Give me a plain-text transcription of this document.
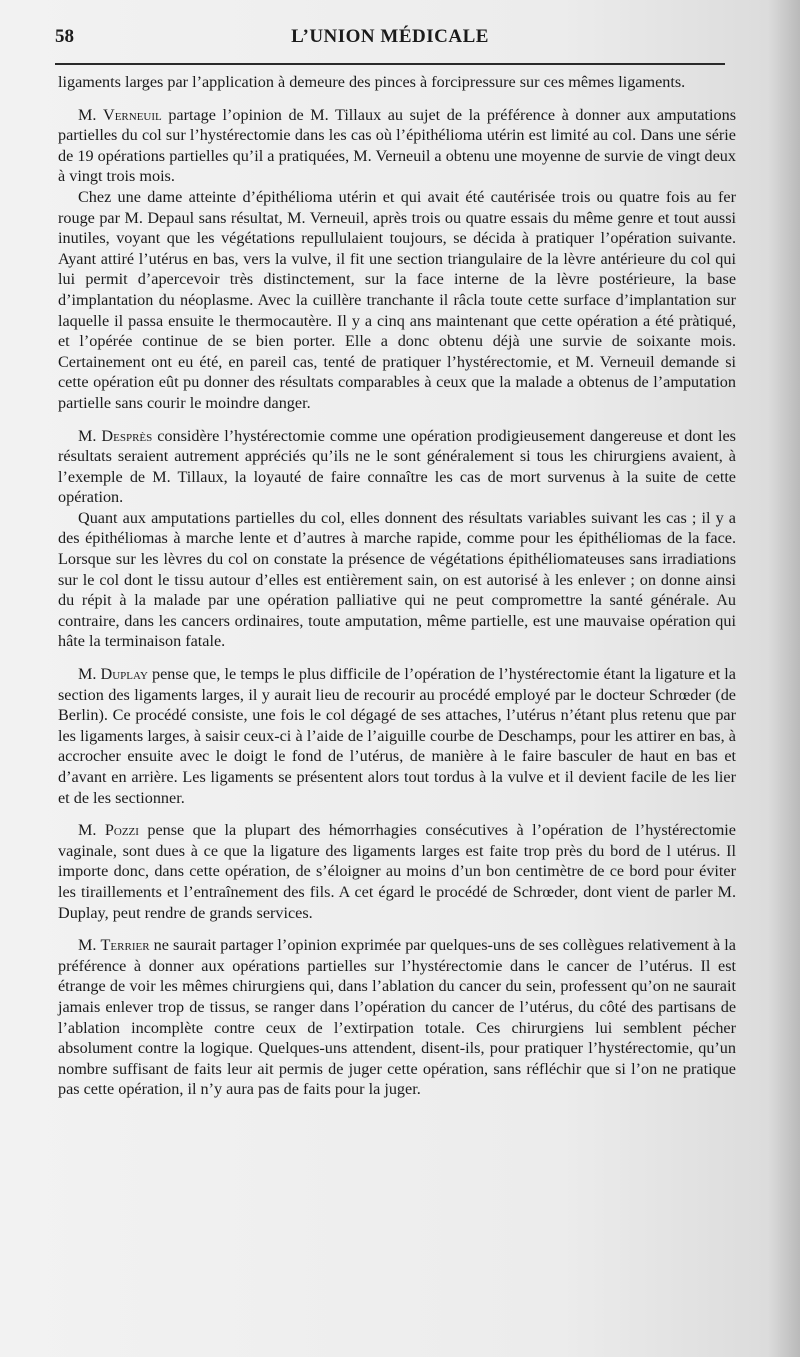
58	L’UNION MÉDICALE

ligaments larges par l’application à demeure des pinces à forcipressure sur ces mêmes ligaments.

M. Verneuil partage l’opinion de M. Tillaux au sujet de la préférence à donner aux amputations partielles du col sur l’hystérectomie dans les cas où l’épithélioma utérin est limité au col. Dans une série de 19 opérations partielles qu’il a pratiquées, M. Verneuil a obtenu une moyenne de survie de vingt deux à vingt trois mois.

Chez une dame atteinte d’épithélioma utérin et qui avait été cautérisée trois ou quatre fois au fer rouge par M. Depaul sans résultat, M. Verneuil, après trois ou quatre essais du même genre et tout aussi inutiles, voyant que les végétations repullulaient toujours, se décida à pratiquer l’opération suivante. Ayant attiré l’utérus en bas, vers la vulve, il fit une section triangulaire de la lèvre antérieure du col qui lui permit d’apercevoir très distinctement, sur la face interne de la lèvre postérieure, la base d’implantation du néoplasme. Avec la cuillère tranchante il râcla toute cette surface d’implantation sur laquelle il passa ensuite le thermocautère. Il y a cinq ans maintenant que cette opération a été pràtiqué, et l’opérée continue de se bien porter. Elle a donc obtenu déjà une survie de soixante mois. Certainement ont eu été, en pareil cas, tenté de pratiquer l’hystérectomie, et M. Verneuil demande si cette opération eût pu donner des résultats comparables à ceux que la malade a obtenus de l’amputation partielle sans courir le moindre danger.

M. Desprès considère l’hystérectomie comme une opération prodigieusement dangereuse et dont les résultats seraient autrement appréciés qu’ils ne le sont généralement si tous les chirurgiens avaient, à l’exemple de M. Tillaux, la loyauté de faire connaître les cas de mort survenus à la suite de cette opération.

Quant aux amputations partielles du col, elles donnent des résultats variables suivant les cas ; il y a des épithéliomas à marche lente et d’autres à marche rapide, comme pour les épithéliomas de la face. Lorsque sur les lèvres du col on constate la présence de végétations épithéliomateuses sans irradiations sur le col dont le tissu autour d’elles est entièrement sain, on est autorisé à les enlever ; on donne ainsi du répit à la malade par une opération palliative qui ne peut compromettre la santé générale. Au contraire, dans les cancers ordinaires, toute amputation, même partielle, est une mauvaise opération qui hâte la terminaison fatale.

M. Duplay pense que, le temps le plus difficile de l’opération de l’hystérectomie étant la ligature et la section des ligaments larges, il y aurait lieu de recourir au procédé employé par le docteur Schrœder (de Berlin). Ce procédé consiste, une fois le col dégagé de ses attaches, l’utérus n’étant plus retenu que par les ligaments larges, à saisir ceux-ci à l’aide de l’aiguille courbe de Deschamps, pour les attirer en bas, à accrocher ensuite avec le doigt le fond de l’utérus, de manière à le faire basculer de haut en bas et d’avant en arrière. Les ligaments se présentent alors tout tordus à la vulve et il devient facile de les lier et de les sectionner.

M. Pozzi pense que la plupart des hémorrhagies consécutives à l’opération de l’hystérectomie vaginale, sont dues à ce que la ligature des ligaments larges est faite trop près du bord de l utérus. Il importe donc, dans cette opération, de s’éloigner au moins d’un bon centimètre de ce bord pour éviter les tiraillements et l’entraînement des fils. A cet égard le procédé de Schrœder, dont vient de parler M. Duplay, peut rendre de grands services.

M. Terrier ne saurait partager l’opinion exprimée par quelques-uns de ses collègues relativement à la préférence à donner aux opérations partielles sur l’hystérectomie dans le cancer de l’utérus. Il est étrange de voir les mêmes chirurgiens qui, dans l’ablation du cancer du sein, professent qu’on ne saurait jamais enlever trop de tissus, se ranger dans l’opération du cancer de l’utérus, du côté des partisans de l’ablation incomplète contre ceux de l’extirpation totale. Ces chirurgiens lui semblent pécher absolument contre la logique. Quelques-uns attendent, disent-ils, pour pratiquer l’hystérectomie, qu’un nombre suffisant de faits leur ait permis de juger cette opération, sans réfléchir que si l’on ne pratique pas cette opération, il n’y aura pas de faits pour la juger.
